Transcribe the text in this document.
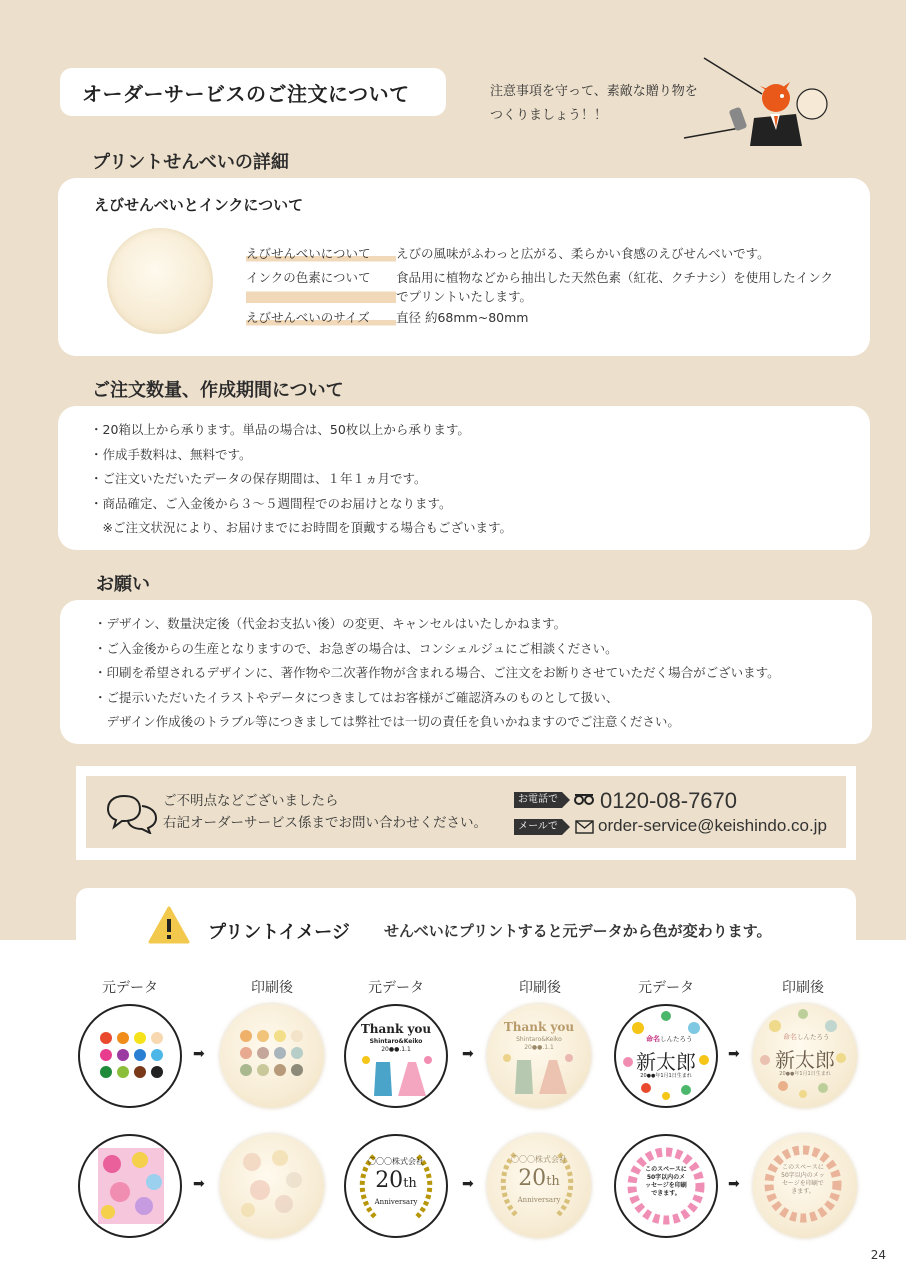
オーダーサービスのご注文について	注意事項を守って、素敵な贈り物を
つくりましょう！！
プリントせんべいの詳細
えびせんべいとインクについて
えびせんべいについて	えびの風味がふわっと広がる、柔らかい食感のえびせんべいです。
インクの色素について	食品用に植物などから抽出した天然色素（紅花、クチナシ）を使用したインクでプリントいたします。
えびせんべいのサイズ	直径 約68mm~80mm
ご注文数量、作成期間について
・20箱以上から承ります。単品の場合は、50枚以上から承ります。
・作成手数料は、無料です。
・ご注文いただいたデータの保存期間は、１年１ヵ月です。
・商品確定、ご入金後から３～５週間程でのお届けとなります。
　※ご注文状況により、お届けまでにお時間を頂戴する場合もございます。
お願い
・デザイン、数量決定後（代金お支払い後）の変更、キャンセルはいたしかねます。
・ご入金後からの生産となりますので、お急ぎの場合は、コンシェルジュにご相談ください。
・印刷を希望されるデザインに、著作物や二次著作物が含まれる場合、ご注文をお断りさせていただく場合がございます。
・ご提示いただいたイラストやデータにつきましてはお客様がご確認済みのものとして扱い、
　デザイン作成後のトラブル等につきましては弊社では一切の責任を負いかねますのでご注意ください。
ご不明点などございましたら
右記オーダーサービス係までお問い合わせください。
お電話で 0120-08-7670
メールで order-service@keishindo.co.jp
プリントイメージ せんべいにプリントすると元データから色が変わります。
元データ	印刷後	元データ	印刷後	元データ	印刷後
➡
Thank you
Shintaro&Keiko
20●●.1.1	➡
Thank you
Shintaro&Keiko
20●●.1.1
命名 しんたろう
新太郎
20●●年1月1日生まれ
➡
命名 しんたろう
新太郎
20●●年1月1日生まれ
➡
〇〇〇株式会社
20th
Anniversary
➡
〇〇〇株式会社
20th
Anniversary
このスペースに50字以内のメッセージを印刷できます。
➡
このスペースに50字以内のメッセージを印刷できます。
24
